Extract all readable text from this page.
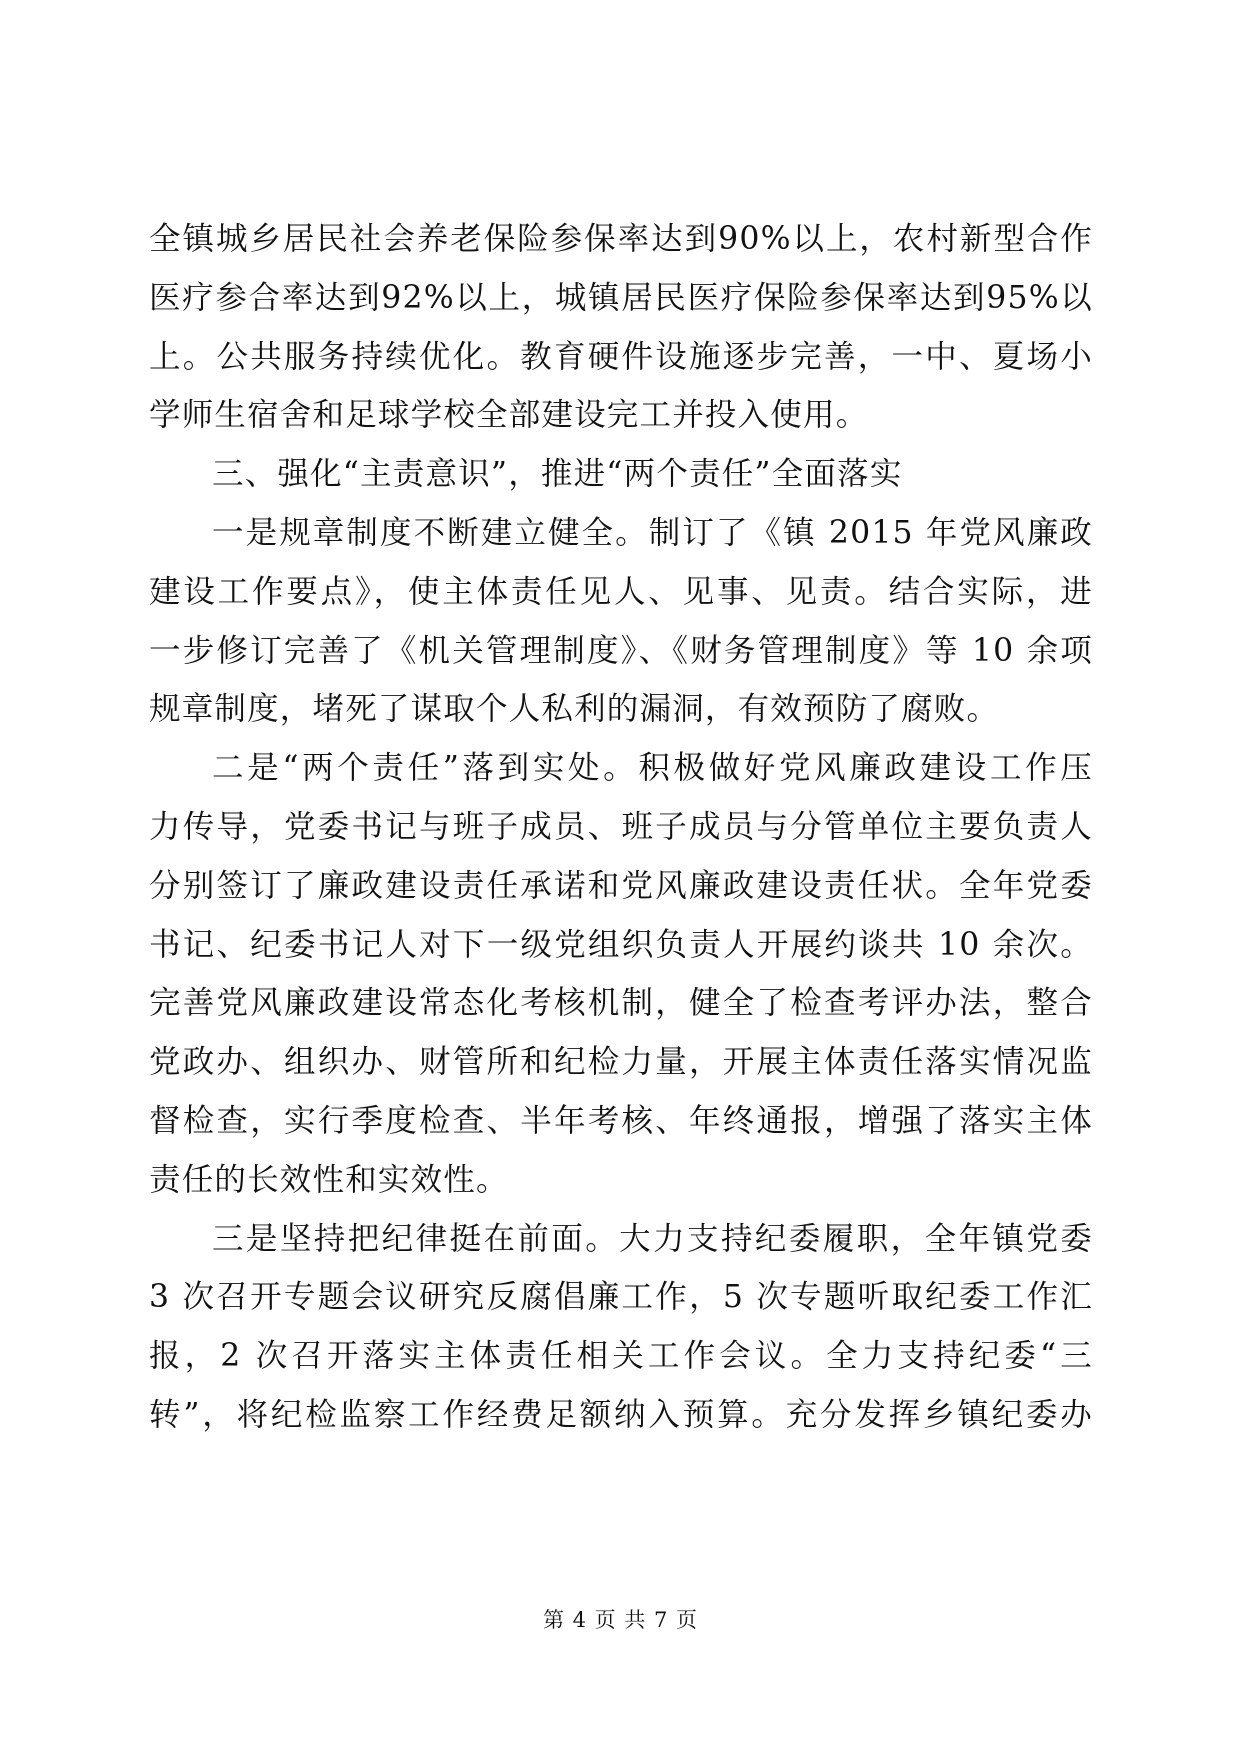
全镇城乡居民社会养老保险参保率达到90%以上，农村新型合作
医疗参合率达到92%以上，城镇居民医疗保险参保率达到95%以
上。公共服务持续优化。教育硬件设施逐步完善，一中、夏场小
学师生宿舍和足球学校全部建设完工并投入使用。
三、强化“主责意识”，推进“两个责任”全面落实
一是规章制度不断建立健全。制订了《镇 2015 年党风廉政
建设工作要点》，使主体责任见人、见事、见责。结合实际，进
一步修订完善了《机关管理制度》、《财务管理制度》等 10 余项
规章制度，堵死了谋取个人私利的漏洞，有效预防了腐败。
二是“两个责任”落到实处。积极做好党风廉政建设工作压
力传导，党委书记与班子成员、班子成员与分管单位主要负责人
分别签订了廉政建设责任承诺和党风廉政建设责任状。全年党委
书记、纪委书记人对下一级党组织负责人开展约谈共 10 余次。
完善党风廉政建设常态化考核机制，健全了检查考评办法，整合
党政办、组织办、财管所和纪检力量，开展主体责任落实情况监
督检查，实行季度检查、半年考核、年终通报，增强了落实主体
责任的长效性和实效性。
三是坚持把纪律挺在前面。大力支持纪委履职，全年镇党委
3 次召开专题会议研究反腐倡廉工作，5 次专题听取纪委工作汇
报，2 次召开落实主体责任相关工作会议。全力支持纪委“三
转”，将纪检监察工作经费足额纳入预算。充分发挥乡镇纪委办
第 4 页 共 7 页
